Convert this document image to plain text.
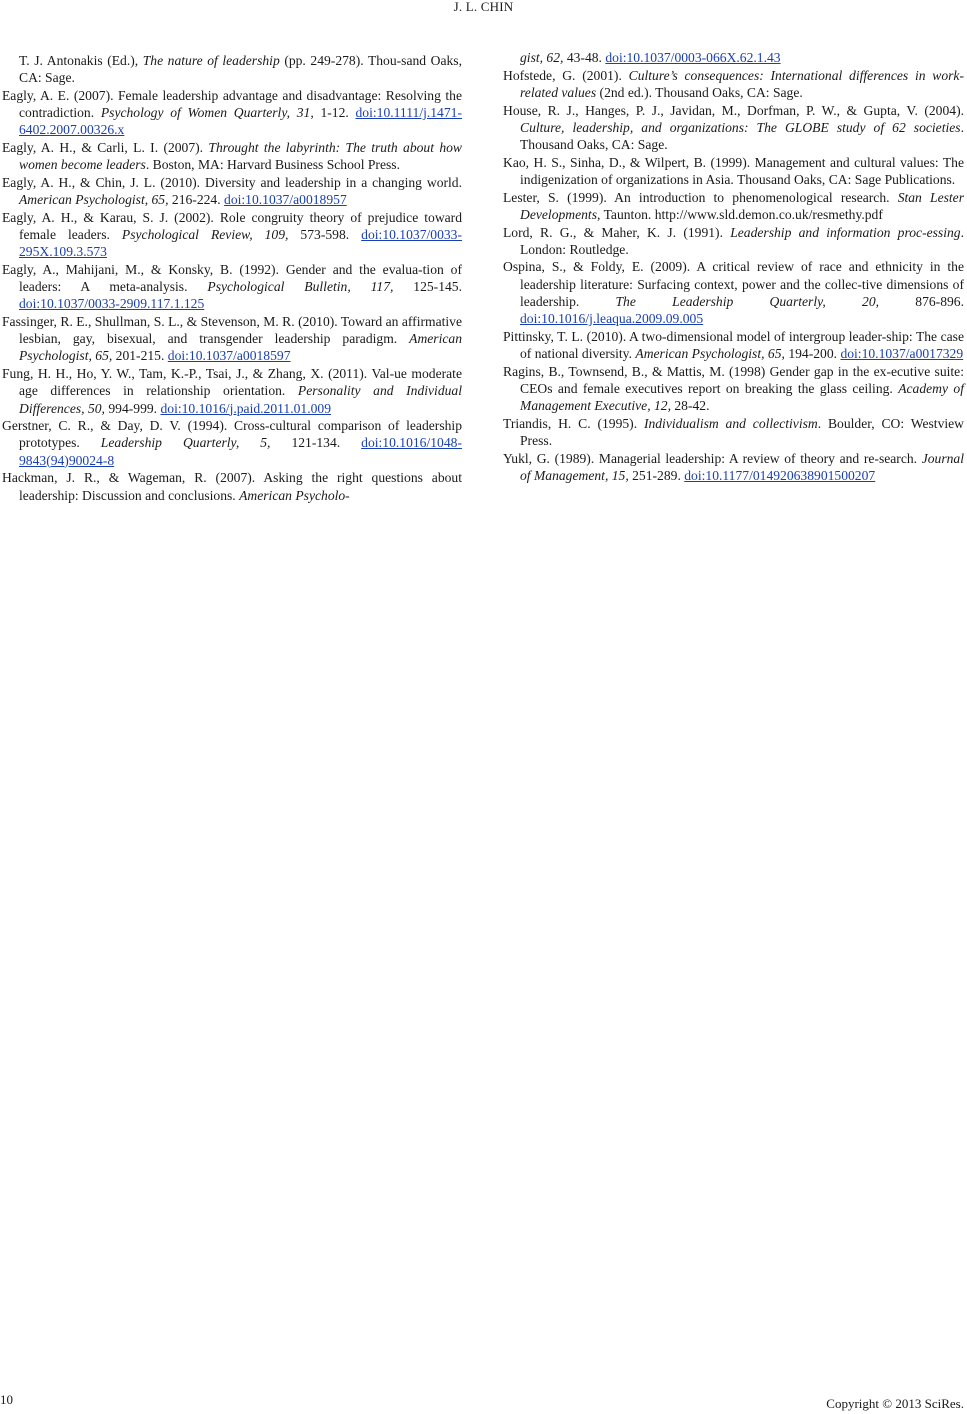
J. L. CHIN

T. J. Antonakis (Ed.), The nature of leadership (pp. 249-278). Thou-sand Oaks, CA: Sage.

Eagly, A. E. (2007). Female leadership advantage and disadvantage: Resolving the contradiction. Psychology of Women Quarterly, 31, 1-12. doi:10.1111/j.1471-6402.2007.00326.x

Eagly, A. H., & Carli, L. I. (2007). Throught the labyrinth: The truth about how women become leaders. Boston, MA: Harvard Business School Press.

Eagly, A. H., & Chin, J. L. (2010). Diversity and leadership in a changing world. American Psychologist, 65, 216-224. doi:10.1037/a0018957

Eagly, A. H., & Karau, S. J. (2002). Role congruity theory of prejudice toward female leaders. Psychological Review, 109, 573-598. doi:10.1037/0033-295X.109.3.573

Eagly, A., Mahijani, M., & Konsky, B. (1992). Gender and the evalua-tion of leaders: A meta-analysis. Psychological Bulletin, 117, 125-145. doi:10.1037/0033-2909.117.1.125

Fassinger, R. E., Shullman, S. L., & Stevenson, M. R. (2010). Toward an affirmative lesbian, gay, bisexual, and transgender leadership paradigm. American Psychologist, 65, 201-215. doi:10.1037/a0018597

Fung, H. H., Ho, Y. W., Tam, K.-P., Tsai, J., & Zhang, X. (2011). Val-ue moderate age differences in relationship orientation. Personality and Individual Differences, 50, 994-999. doi:10.1016/j.paid.2011.01.009

Gerstner, C. R., & Day, D. V. (1994). Cross-cultural comparison of leadership prototypes. Leadership Quarterly, 5, 121-134. doi:10.1016/1048-9843(94)90024-8

Hackman, J. R., & Wageman, R. (2007). Asking the right questions about leadership: Discussion and conclusions. American Psycholo-

gist, 62, 43-48. doi:10.1037/0003-066X.62.1.43

Hofstede, G. (2001). Culture’s consequences: International differences in work-related values (2nd ed.). Thousand Oaks, CA: Sage.

House, R. J., Hanges, P. J., Javidan, M., Dorfman, P. W., & Gupta, V. (2004). Culture, leadership, and organizations: The GLOBE study of 62 societies. Thousand Oaks, CA: Sage.

Kao, H. S., Sinha, D., & Wilpert, B. (1999). Management and cultural values: The indigenization of organizations in Asia. Thousand Oaks, CA: Sage Publications.

Lester, S. (1999). An introduction to phenomenological research. Stan Lester Developments, Taunton. http://www.sld.demon.co.uk/resmethy.pdf

Lord, R. G., & Maher, K. J. (1991). Leadership and information proc-essing. London: Routledge.

Ospina, S., & Foldy, E. (2009). A critical review of race and ethnicity in the leadership literature: Surfacing context, power and the collec-tive dimensions of leadership. The Leadership Quarterly, 20, 876-896. doi:10.1016/j.leaqua.2009.09.005

Pittinsky, T. L. (2010). A two-dimensional model of intergroup leader-ship: The case of national diversity. American Psychologist, 65, 194-200. doi:10.1037/a0017329

Ragins, B., Townsend, B., & Mattis, M. (1998) Gender gap in the ex-ecutive suite: CEOs and female executives report on breaking the glass ceiling. Academy of Management Executive, 12, 28-42.

Triandis, H. C. (1995). Individualism and collectivism. Boulder, CO: Westview Press.

Yukl, G. (1989). Managerial leadership: A review of theory and re-search. Journal of Management, 15, 251-289. doi:10.1177/014920638901500207

10	Copyright © 2013 SciRes.
